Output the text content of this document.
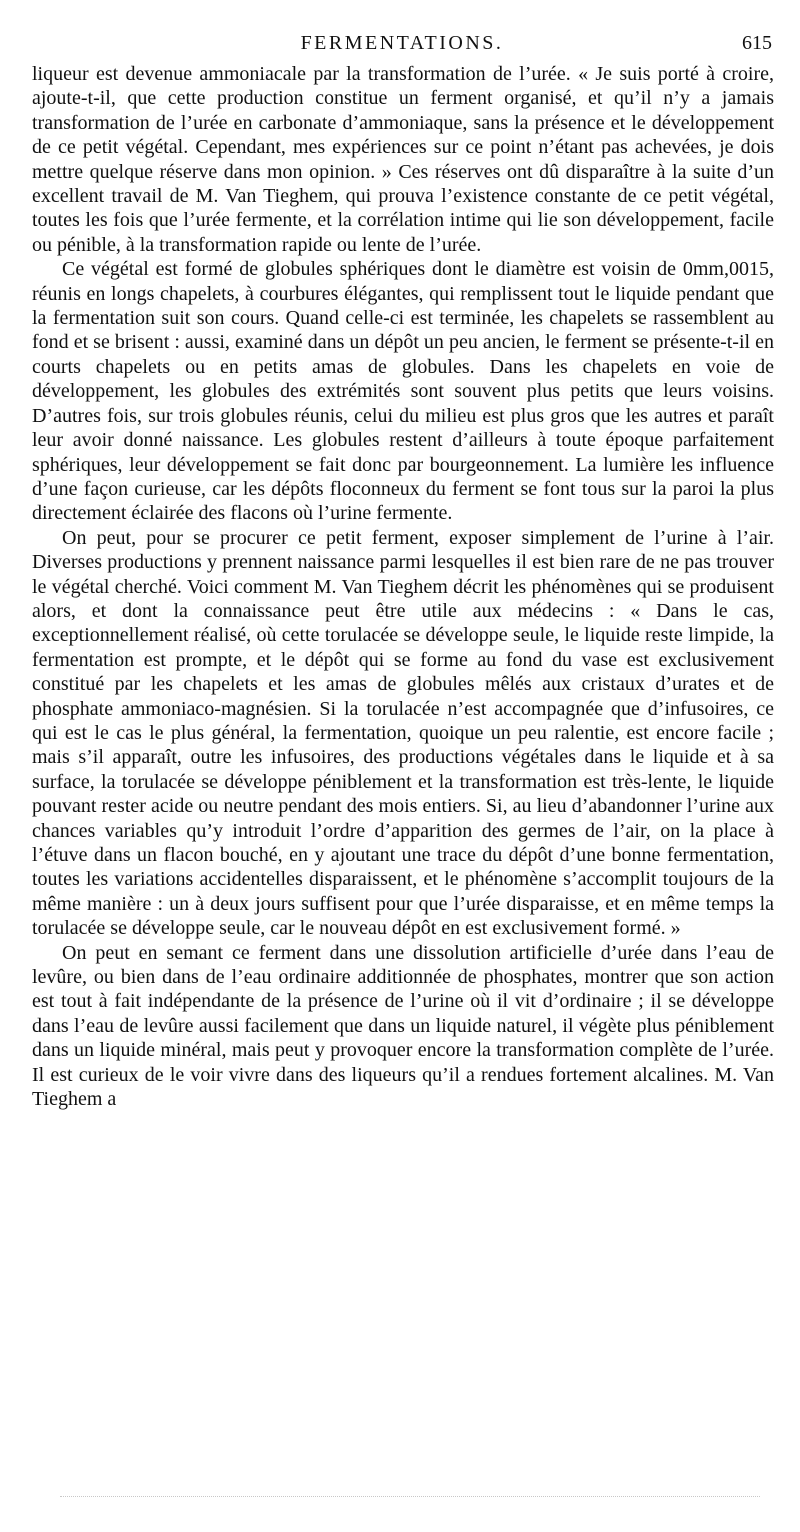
FERMENTATIONS.	615

liqueur est devenue ammoniacale par la transformation de l’urée. « Je suis porté à croire, ajoute-t-il, que cette production constitue un ferment organisé, et qu’il n’y a jamais transformation de l’urée en carbonate d’ammoniaque, sans la présence et le développement de ce petit végétal. Cependant, mes expériences sur ce point n’étant pas achevées, je dois mettre quelque réserve dans mon opinion. » Ces réserves ont dû disparaître à la suite d’un excellent travail de M. Van Tieghem, qui prouva l’existence constante de ce petit végétal, toutes les fois que l’urée fermente, et la corrélation intime qui lie son développement, facile ou pénible, à la transformation rapide ou lente de l’urée.

Ce végétal est formé de globules sphériques dont le diamètre est voisin de 0mm,0015, réunis en longs chapelets, à courbures élégantes, qui remplissent tout le liquide pendant que la fermentation suit son cours. Quand celle-ci est terminée, les chapelets se rassemblent au fond et se brisent : aussi, examiné dans un dépôt un peu ancien, le ferment se présente-t-il en courts chapelets ou en petits amas de globules. Dans les chapelets en voie de développement, les globules des extrémités sont souvent plus petits que leurs voisins. D’autres fois, sur trois globules réunis, celui du milieu est plus gros que les autres et paraît leur avoir donné naissance. Les globules restent d’ailleurs à toute époque parfaitement sphériques, leur développement se fait donc par bourgeonnement. La lumière les influence d’une façon curieuse, car les dépôts floconneux du ferment se font tous sur la paroi la plus directement éclairée des flacons où l’urine fermente.

On peut, pour se procurer ce petit ferment, exposer simplement de l’urine à l’air. Diverses productions y prennent naissance parmi lesquelles il est bien rare de ne pas trouver le végétal cherché. Voici comment M. Van Tieghem décrit les phénomènes qui se produisent alors, et dont la connaissance peut être utile aux médecins : « Dans le cas, exceptionnellement réalisé, où cette torulacée se développe seule, le liquide reste limpide, la fermentation est prompte, et le dépôt qui se forme au fond du vase est exclusivement constitué par les chapelets et les amas de globules mêlés aux cristaux d’urates et de phosphate ammoniaco-magnésien. Si la torulacée n’est accompagnée que d’infusoires, ce qui est le cas le plus général, la fermentation, quoique un peu ralentie, est encore facile ; mais s’il apparaît, outre les infusoires, des productions végétales dans le liquide et à sa surface, la torulacée se développe péniblement et la transformation est très-lente, le liquide pouvant rester acide ou neutre pendant des mois entiers. Si, au lieu d’abandonner l’urine aux chances variables qu’y introduit l’ordre d’apparition des germes de l’air, on la place à l’étuve dans un flacon bouché, en y ajoutant une trace du dépôt d’une bonne fermentation, toutes les variations accidentelles disparaissent, et le phénomène s’accomplit toujours de la même manière : un à deux jours suffisent pour que l’urée disparaisse, et en même temps la torulacée se développe seule, car le nouveau dépôt en est exclusivement formé. »

On peut en semant ce ferment dans une dissolution artificielle d’urée dans l’eau de levûre, ou bien dans de l’eau ordinaire additionnée de phosphates, montrer que son action est tout à fait indépendante de la présence de l’urine où il vit d’ordinaire ; il se développe dans l’eau de levûre aussi facilement que dans un liquide naturel, il végète plus péniblement dans un liquide minéral, mais peut y provoquer encore la transformation complète de l’urée. Il est curieux de le voir vivre dans des liqueurs qu’il a rendues fortement alcalines. M. Van Tieghem a
